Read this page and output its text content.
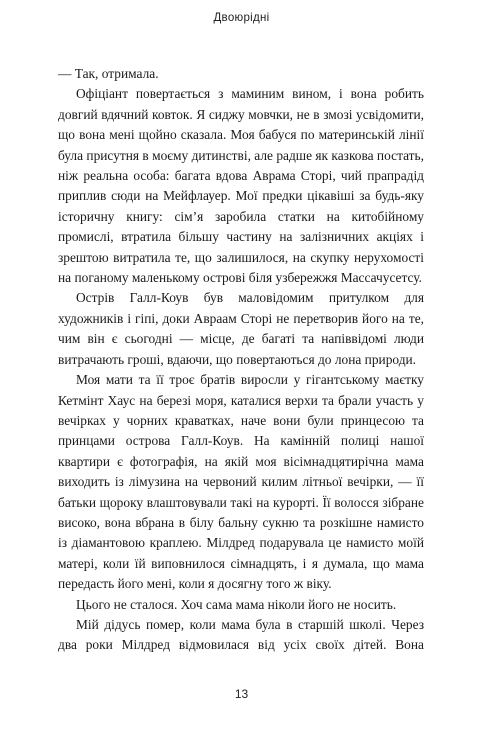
Двоюрідні

— Так, отримала.

Офіціант повертається з маминим вином, і вона робить довгий вдячний ковток. Я сиджу мовчки, не в змозі усвідомити, що вона мені щойно сказала. Моя бабуся по материнській лінії була присутня в моєму дитинстві, але радше як казкова постать, ніж реальна особа: багата вдова Аврама Сторі, чий прапрадід приплив сюди на Мейфлауер. Мої предки цікавіші за будь-яку історичну книгу: сім’я заробила статки на китобійному промислі, втратила більшу частину на залізничних акціях і зрештою витратила те, що залишилося, на скупку нерухомості на поганому маленькому острові біля узбережжя Массачусетсу.

Острів Галл-Коув був маловідомим притулком для художників і гіпі, доки Авраам Сторі не перетворив його на те, чим він є сьогодні — місце, де багаті та напіввідомі люди витрачають гроші, вдаючи, що повертаються до лона природи.

Моя мати та її троє братів виросли у гігантському маєтку Кетмінт Хаус на березі моря, каталися верхи та брали участь у вечірках у чорних краватках, наче вони були принцесою та принцами острова Галл-Коув. На камінній полиці нашої квартири є фотографія, на якій моя вісімнадцятирічна мама виходить із лімузина на червоний килим літньої вечірки, — її батьки щороку влаштовували такі на курорті. Її волосся зібране високо, вона вбрана в білу бальну сукню та розкішне намисто із діамантовою краплею. Мілдред подарувала це намисто моїй матері, коли їй виповнилося сімнадцять, і я думала, що мама передасть його мені, коли я досягну того ж віку.

Цього не сталося. Хоч сама мама ніколи його не носить.

Мій дідусь помер, коли мама була в старшій школі. Через два роки Мілдред відмовилася від усіх своїх дітей. Вона

13
